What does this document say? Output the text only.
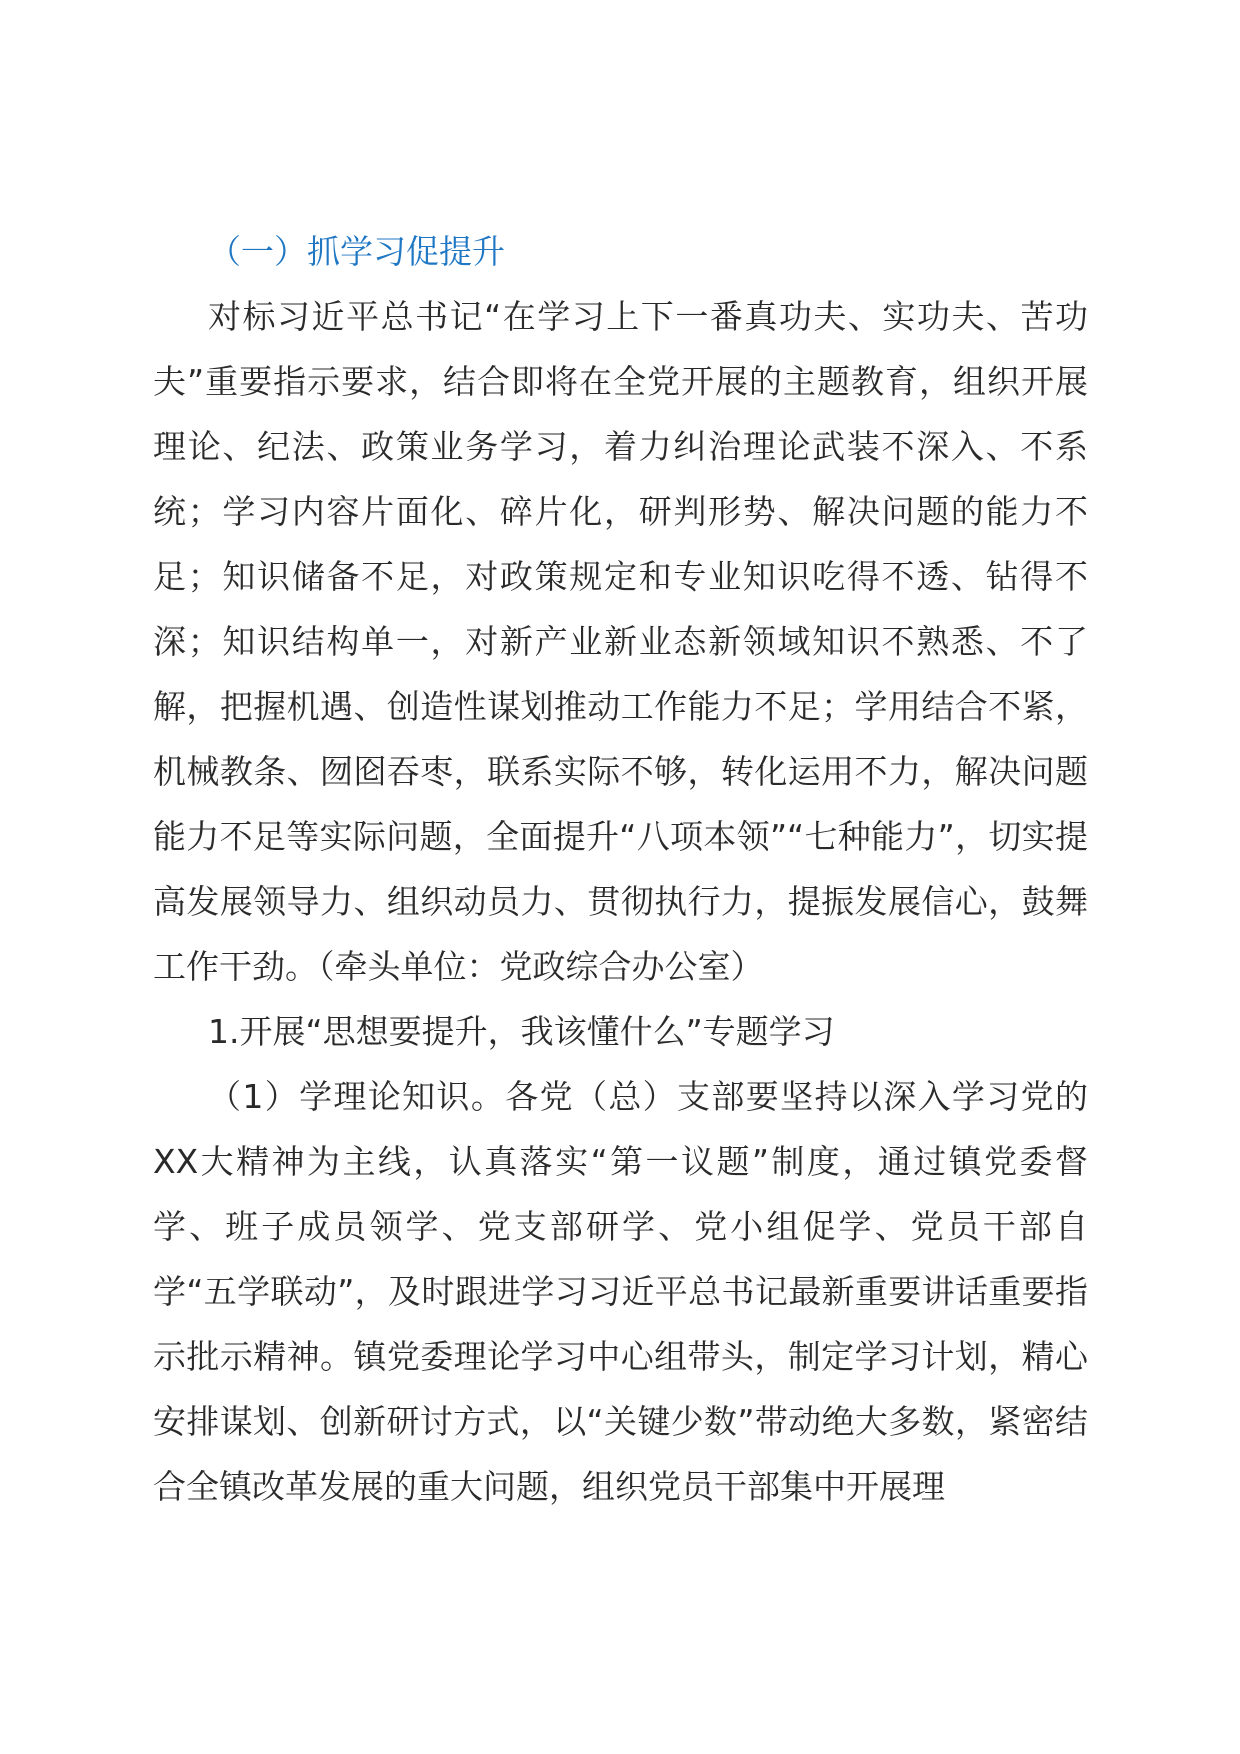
（一）抓学习促提升

对标习近平总书记“在学习上下一番真功夫、实功夫、苦功夫”重要指示要求，结合即将在全党开展的主题教育，组织开展理论、纪法、政策业务学习，着力纠治理论武装不深入、不系统；学习内容片面化、碎片化，研判形势、解决问题的能力不足；知识储备不足，对政策规定和专业知识吃得不透、钻得不深；知识结构单一，对新产业新业态新领域知识不熟悉、不了解，把握机遇、创造性谋划推动工作能力不足；学用结合不紧，机械教条、囫囵吞枣，联系实际不够，转化运用不力，解决问题能力不足等实际问题，全面提升“八项本领”“七种能力”，切实提高发展领导力、组织动员力、贯彻执行力，提振发展信心，鼓舞工作干劲。（牵头单位：党政综合办公室）

1.开展“思想要提升，我该懂什么”专题学习

（1）学理论知识。各党（总）支部要坚持以深入学习党的XX大精神为主线，认真落实“第一议题”制度，通过镇党委督学、班子成员领学、党支部研学、党小组促学、党员干部自学“五学联动”，及时跟进学习习近平总书记最新重要讲话重要指示批示精神。镇党委理论学习中心组带头，制定学习计划，精心安排谋划、创新研讨方式，以“关键少数”带动绝大多数，紧密结合全镇改革发展的重大问题，组织党员干部集中开展理
